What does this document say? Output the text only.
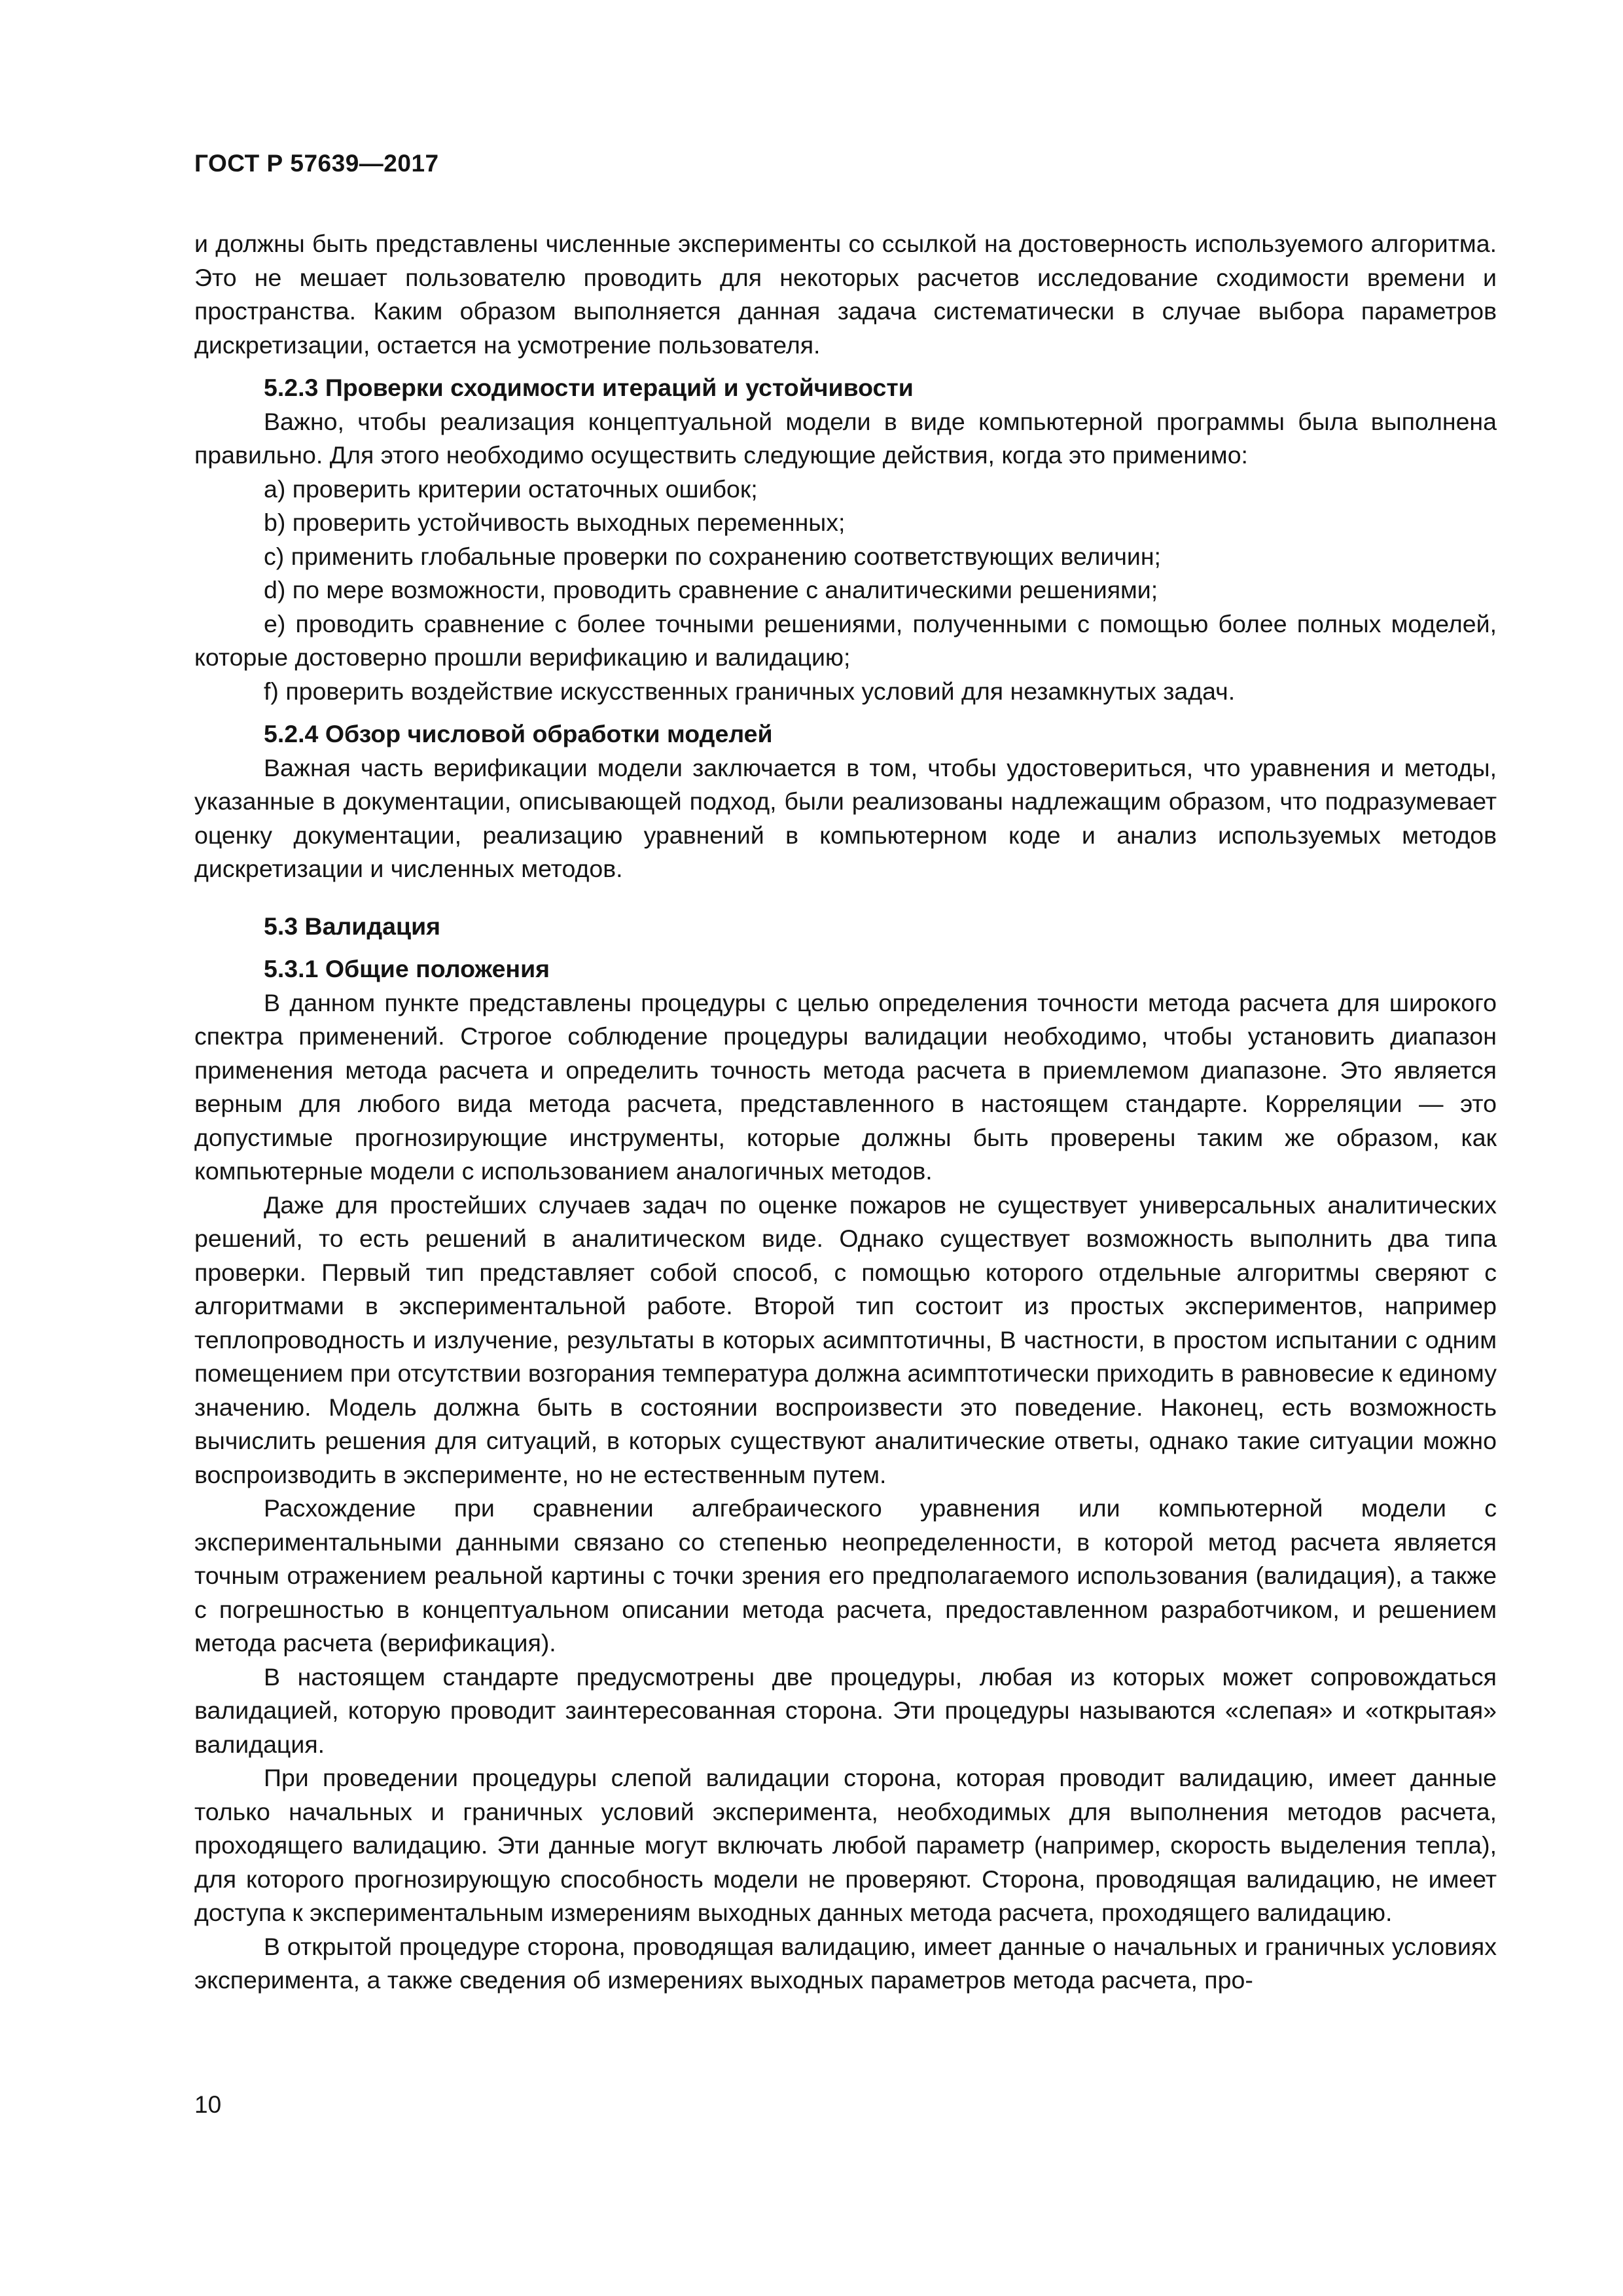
ГОСТ Р 57639—2017

и должны быть представлены численные эксперименты со ссылкой на достоверность используемого алгоритма. Это не мешает пользователю проводить для некоторых расчетов исследование сходимости времени и пространства. Каким образом выполняется данная задача систематически в случае выбора параметров дискретизации, остается на усмотрение пользователя.

5.2.3 Проверки сходимости итераций и устойчивости

Важно, чтобы реализация концептуальной модели в виде компьютерной программы была выполнена правильно. Для этого необходимо осуществить следующие действия, когда это применимо:

а) проверить критерии остаточных ошибок;

b) проверить устойчивость выходных переменных;

с) применить глобальные проверки по сохранению соответствующих величин;

d) по мере возможности, проводить сравнение с аналитическими решениями;

е) проводить сравнение с более точными решениями, полученными с помощью более полных моделей, которые достоверно прошли верификацию и валидацию;

f) проверить воздействие искусственных граничных условий для незамкнутых задач.

5.2.4 Обзор числовой обработки моделей

Важная часть верификации модели заключается в том, чтобы удостовериться, что уравнения и методы, указанные в документации, описывающей подход, были реализованы надлежащим образом, что подразумевает оценку документации, реализацию уравнений в компьютерном коде и анализ используемых методов дискретизации и численных методов.

5.3 Валидация

5.3.1 Общие положения

В данном пункте представлены процедуры с целью определения точности метода расчета для широкого спектра применений. Строгое соблюдение процедуры валидации необходимо, чтобы установить диапазон применения метода расчета и определить точность метода расчета в приемлемом диапазоне. Это является верным для любого вида метода расчета, представленного в настоящем стандарте. Корреляции — это допустимые прогнозирующие инструменты, которые должны быть проверены таким же образом, как компьютерные модели с использованием аналогичных методов.

Даже для простейших случаев задач по оценке пожаров не существует универсальных аналитических решений, то есть решений в аналитическом виде. Однако существует возможность выполнить два типа проверки. Первый тип представляет собой способ, с помощью которого отдельные алгоритмы сверяют с алгоритмами в экспериментальной работе. Второй тип состоит из простых экспериментов, например теплопроводность и излучение, результаты в которых асимптотичны, В частности, в простом испытании с одним помещением при отсутствии возгорания температура должна асимптотически приходить в равновесие к единому значению. Модель должна быть в состоянии воспроизвести это поведение. Наконец, есть возможность вычислить решения для ситуаций, в которых существуют аналитические ответы, однако такие ситуации можно воспроизводить в эксперименте, но не естественным путем.

Расхождение при сравнении алгебраического уравнения или компьютерной модели с экспериментальными данными связано со степенью неопределенности, в которой метод расчета является точным отражением реальной картины с точки зрения его предполагаемого использования (валидация), а также с погрешностью в концептуальном описании метода расчета, предоставленном разработчиком, и решением метода расчета (верификация).

В настоящем стандарте предусмотрены две процедуры, любая из которых может сопровождаться валидацией, которую проводит заинтересованная сторона. Эти процедуры называются «слепая» и «открытая» валидация.

При проведении процедуры слепой валидации сторона, которая проводит валидацию, имеет данные только начальных и граничных условий эксперимента, необходимых для выполнения методов расчета, проходящего валидацию. Эти данные могут включать любой параметр (например, скорость выделения тепла), для которого прогнозирующую способность модели не проверяют. Сторона, проводящая валидацию, не имеет доступа к экспериментальным измерениям выходных данных метода расчета, проходящего валидацию.

В открытой процедуре сторона, проводящая валидацию, имеет данные о начальных и граничных условиях эксперимента, а также сведения об измерениях выходных параметров метода расчета, про-

10
